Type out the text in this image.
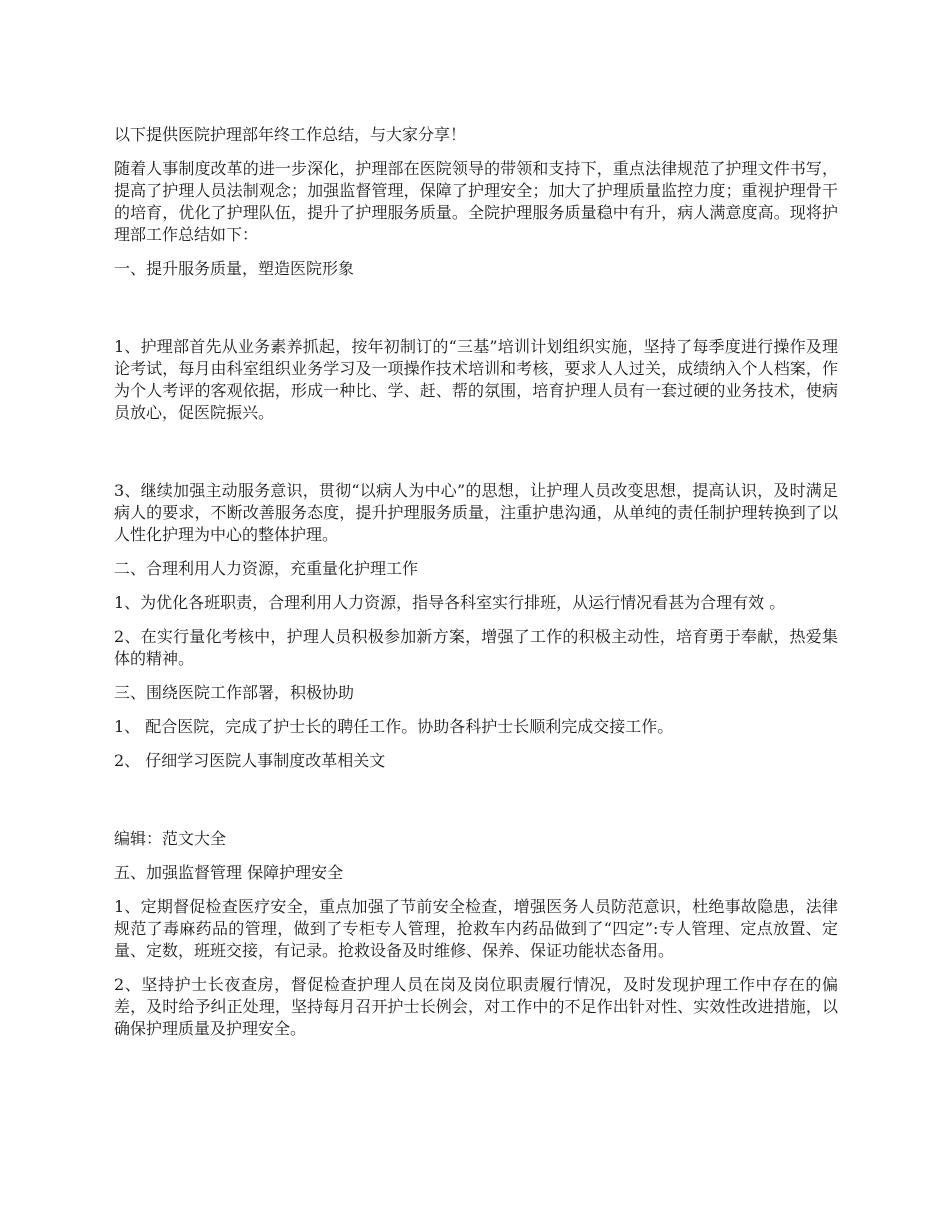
以下提供医院护理部年终工作总结，与大家分享！

随着人事制度改革的进一步深化，护理部在医院领导的带领和支持下，重点法律规范了护理文件书写，提高了护理人员法制观念；加强监督管理，保障了护理安全；加大了护理质量监控力度；重视护理骨干的培育，优化了护理队伍，提升了护理服务质量。全院护理服务质量稳中有升，病人满意度高。现将护理部工作总结如下：

一、提升服务质量，塑造医院形象

1、护理部首先从业务素养抓起，按年初制订的“三基”培训计划组织实施，坚持了每季度进行操作及理论考试，每月由科室组织业务学习及一项操作技术培训和考核，要求人人过关，成绩纳入个人档案，作为个人考评的客观依据，形成一种比、学、赶、帮的氛围，培育护理人员有一套过硬的业务技术，使病员放心，促医院振兴。

3、继续加强主动服务意识，贯彻“以病人为中心”的思想，让护理人员改变思想，提高认识，及时满足病人的要求，不断改善服务态度，提升护理服务质量，注重护患沟通，从单纯的责任制护理转换到了以人性化护理为中心的整体护理。

二、合理利用人力资源，充重量化护理工作

1、为优化各班职责，合理利用人力资源，指导各科室实行排班，从运行情况看甚为合理有效 。

2、在实行量化考核中，护理人员积极参加新方案，增强了工作的积极主动性，培育勇于奉献，热爱集体的精神。

三、围绕医院工作部署，积极协助

1、 配合医院，完成了护士长的聘任工作。协助各科护士长顺利完成交接工作。

2、 仔细学习医院人事制度改革相关文

编辑：范文大全

五、加强监督管理 保障护理安全

1、定期督促检查医疗安全，重点加强了节前安全检查，增强医务人员防范意识，杜绝事故隐患，法律规范了毒麻药品的管理，做到了专柜专人管理，抢救车内药品做到了“四定”:专人管理、定点放置、定量、定数，班班交接，有记录。抢救设备及时维修、保养、保证功能状态备用。

2、坚持护士长夜查房，督促检查护理人员在岗及岗位职责履行情况，及时发现护理工作中存在的偏差，及时给予纠正处理，坚持每月召开护士长例会，对工作中的不足作出针对性、实效性改进措施，以确保护理质量及护理安全。
